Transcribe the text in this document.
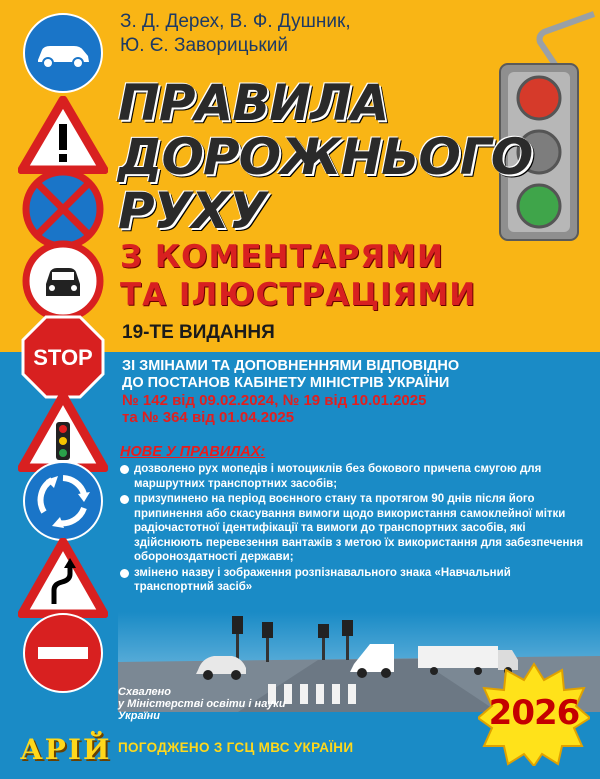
STOP
З. Д. Дерех, В. Ф. Душник,
Ю. Є. Заворицький
ПРАВИЛА
ДОРОЖНЬОГО
РУХУ
З КОМЕНТАРЯМИ
ТА ІЛЮСТРАЦІЯМИ
19-ТЕ ВИДАННЯ
ЗІ ЗМІНАМИ ТА ДОПОВНЕННЯМИ ВІДПОВІДНО
ДО ПОСТАНОВ КАБІНЕТУ МІНІСТРІВ УКРАЇНИ
№ 142 від 09.02.2024, № 19 від 10.01.2025
та № 364 від 01.04.2025
НОВЕ У ПРАВИЛАХ:
дозволено рух мопедів і мотоциклів без бокового причепа смугою для маршрутних транспортних засобів;
призупинено на період воєнного стану та протягом 90 днів після його припинення або скасування вимоги щодо використання самоклейної мітки радіочастотної ідентифікації та вимоги до транспортних засобів, які здійснюють перевезення вантажів з метою їх використання для забезпечення обороноздатності держави;
змінено назву і зображення розпізнавального знака «Навчальний транспортний засіб»
Схвалено
у Міністерстві освіти і науки
України
ПОГОДЖЕНО З ГСЦ МВС УКРАЇНИ
АРІЙ
2026
